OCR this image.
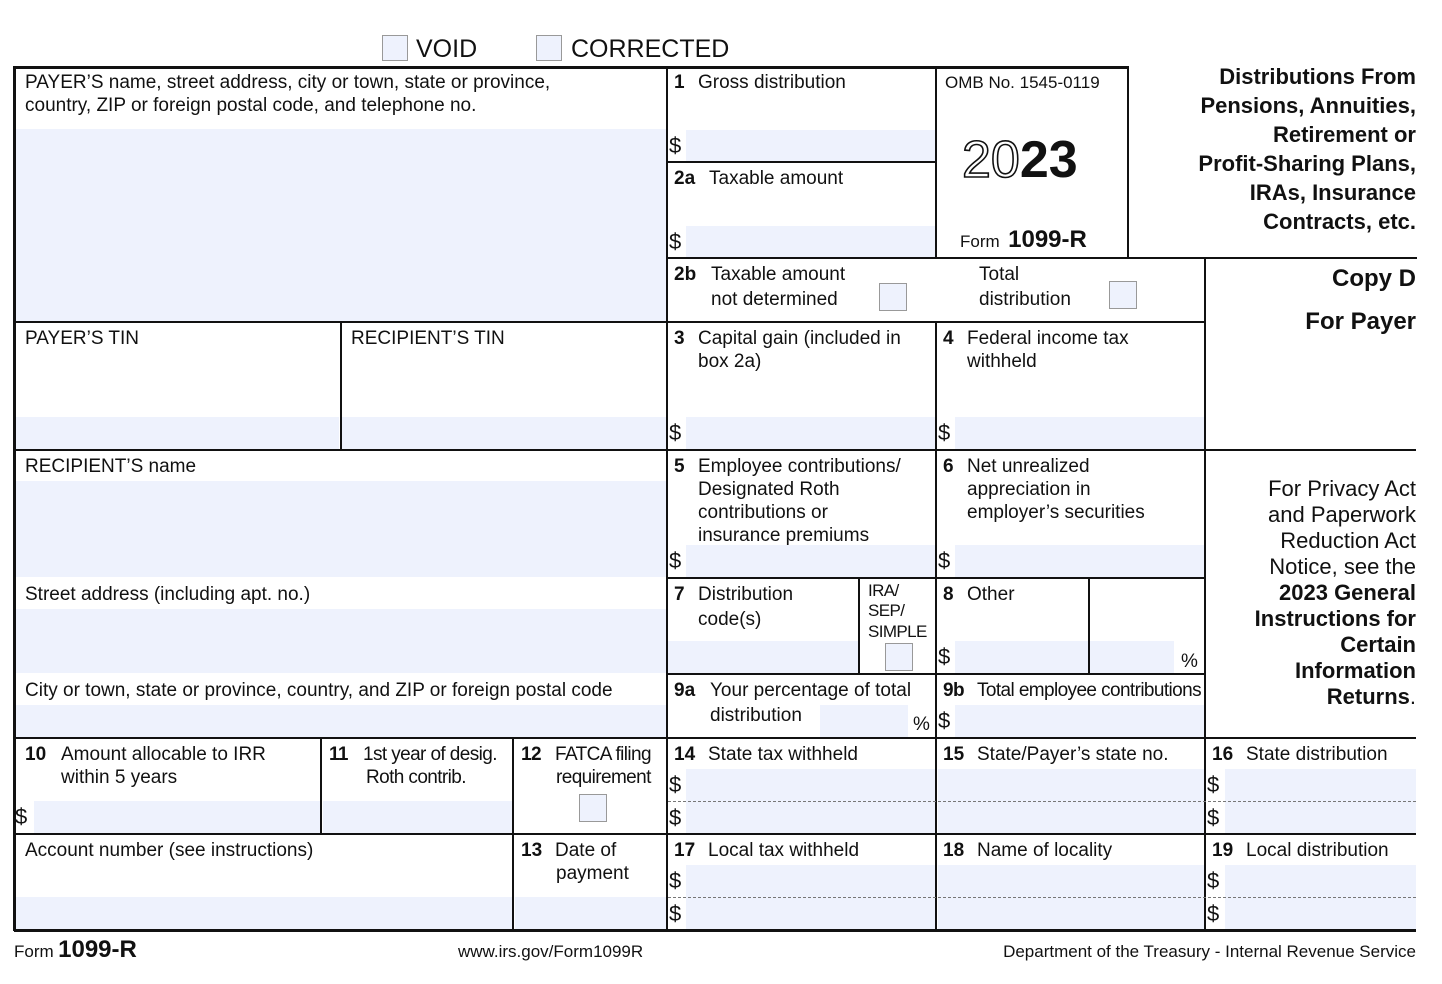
VOID	CORRECTED
PAYER’S name, street address, city or town, state or province,
country, ZIP or foreign postal code, and telephone no.
PAYER’S TIN	RECIPIENT’S TIN
RECIPIENT’S name
Street address (including apt. no.)
City or town, state or province, country, and ZIP or foreign postal code
1 Gross distribution
$
2a Taxable amount
$
OMB No. 1545-0119
2023
Form 1099-R
Distributions From
Pensions, Annuities,
Retirement or
Profit-Sharing Plans,
IRAs, Insurance
Contracts, etc.
Copy D
For Payer
2b Taxable amount
not determined
Total
distribution
3 Capital gain (included in
box 2a)
$
4 Federal income tax
withheld
$
5 Employee contributions/
Designated Roth
contributions or
insurance premiums
$
6 Net unrealized
appreciation in
employer’s securities
$
For Privacy Act
and Paperwork
Reduction Act
Notice, see the
2023 General
Instructions for
Certain
Information
Returns.
7 Distribution
code(s)
IRA/
SEP/
SIMPLE
8 Other
$	%
9a Your percentage of total
distribution	%
9b Total employee contributions
$
10 Amount allocable to IRR
within 5 years
$
11 1st year of desig.
Roth contrib.
12 FATCA filing
requirement
Account number (see instructions)	13 Date of
payment
14 State tax withheld
$
$
15 State/Payer’s state no. 16 State distribution
$
$
17 Local tax withheld
$
$
18 Name of locality	19 Local distribution
$
$
Form 1099-R	www.irs.gov/Form1099R	Department of the Treasury - Internal Revenue Service
